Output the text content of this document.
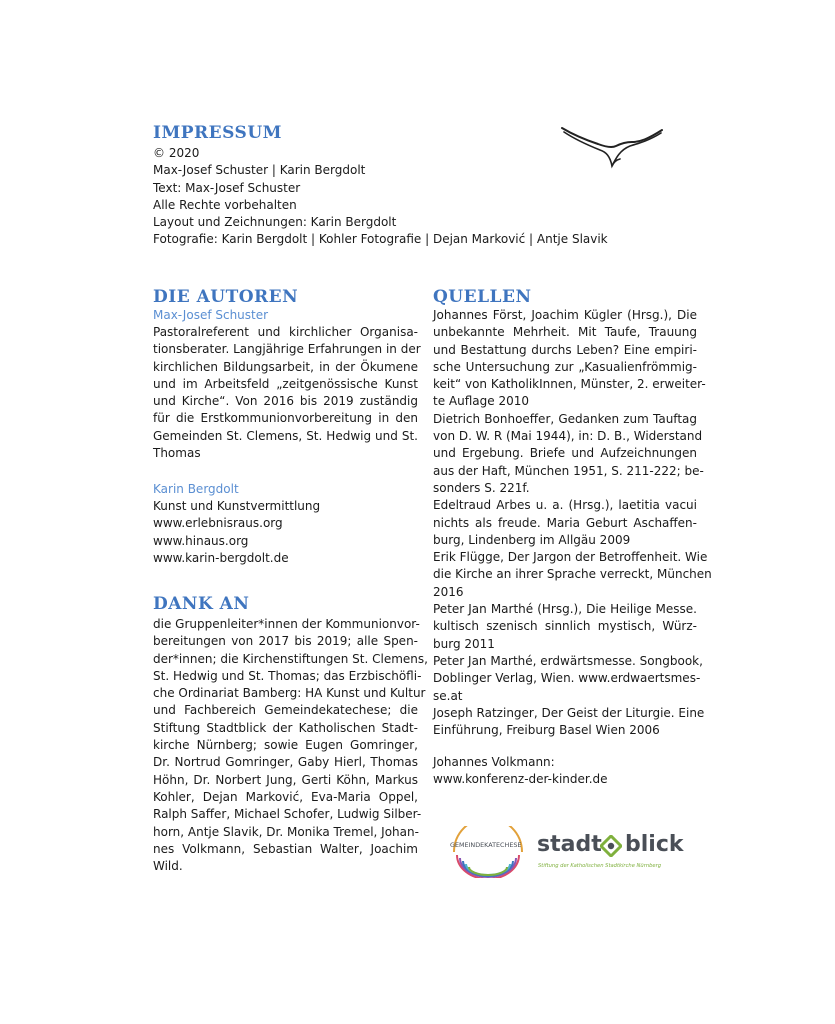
IMPRESSUM
© 2020
Max-Josef Schuster | Karin Bergdolt
Text: Max-Josef Schuster
Alle Rechte vorbehalten
Layout und Zeichnungen: Karin Bergdolt
Fotografie: Karin Bergdolt | Kohler Fotografie | Dejan Marković | Antje Slavik
DIE AUTOREN
Max-Josef Schuster
Pastoralreferent und kirchlicher Organisa-
tionsberater. Langjährige Erfahrungen in der
kirchlichen Bildungsarbeit, in der Ökumene
und im Arbeitsfeld „zeitgenössische Kunst
und Kirche“. Von 2016 bis 2019 zuständig
für die Erstkommunionvorbereitung in den
Gemeinden St. Clemens, St. Hedwig und St.
Thomas
Karin Bergdolt
Kunst und Kunstvermittlung
www.erlebnisraus.org
www.hinaus.org
www.karin-bergdolt.de
DANK AN
die Gruppenleiter*innen der Kommunionvor-
bereitungen von 2017 bis 2019; alle Spen-
der*innen; die Kirchenstiftungen St. Clemens,
St. Hedwig und St. Thomas; das Erzbischöfli-
che Ordinariat Bamberg: HA Kunst und Kultur
und Fachbereich Gemeindekatechese; die
Stiftung Stadtblick der Katholischen Stadt-
kirche Nürnberg; sowie Eugen Gomringer,
Dr. Nortrud Gomringer, Gaby Hierl, Thomas
Höhn, Dr. Norbert Jung, Gerti Köhn, Markus
Kohler, Dejan Marković, Eva-Maria Oppel,
Ralph Saffer, Michael Schofer, Ludwig Silber-
horn, Antje Slavik, Dr. Monika Tremel, Johan-
nes Volkmann, Sebastian Walter, Joachim
Wild.
QUELLEN
Johannes Först, Joachim Kügler (Hrsg.), Die
unbekannte Mehrheit. Mit Taufe, Trauung
und Bestattung durchs Leben? Eine empiri-
sche Untersuchung zur „Kasualienfrömmig-
keit“ von KatholikInnen, Münster, 2. erweiter-
te Auflage 2010
Dietrich Bonhoeffer, Gedanken zum Tauftag
von D. W. R (Mai 1944), in: D. B., Widerstand
und Ergebung. Briefe und Aufzeichnungen
aus der Haft, München 1951, S. 211-222; be-
sonders S. 221f.
Edeltraud Arbes u. a. (Hrsg.), laetitia vacui
nichts als freude. Maria Geburt Aschaffen-
burg, Lindenberg im Allgäu 2009
Erik Flügge, Der Jargon der Betroffenheit. Wie
die Kirche an ihrer Sprache verreckt, München
2016
Peter Jan Marthé (Hrsg.), Die Heilige Messe.
kultisch szenisch sinnlich mystisch, Würz-
burg 2011
Peter Jan Marthé, erdwärtsmesse. Songbook,
Doblinger Verlag, Wien. www.erdwaertsmes-
se.at
Joseph Ratzinger, Der Geist der Liturgie. Eine
Einführung, Freiburg Basel Wien 2006
Johannes Volkmann:
www.konferenz-der-kinder.de
GEMEINDEKATECHESE stadt blick
Stiftung der Katholischen Stadtkirche Nürnberg
